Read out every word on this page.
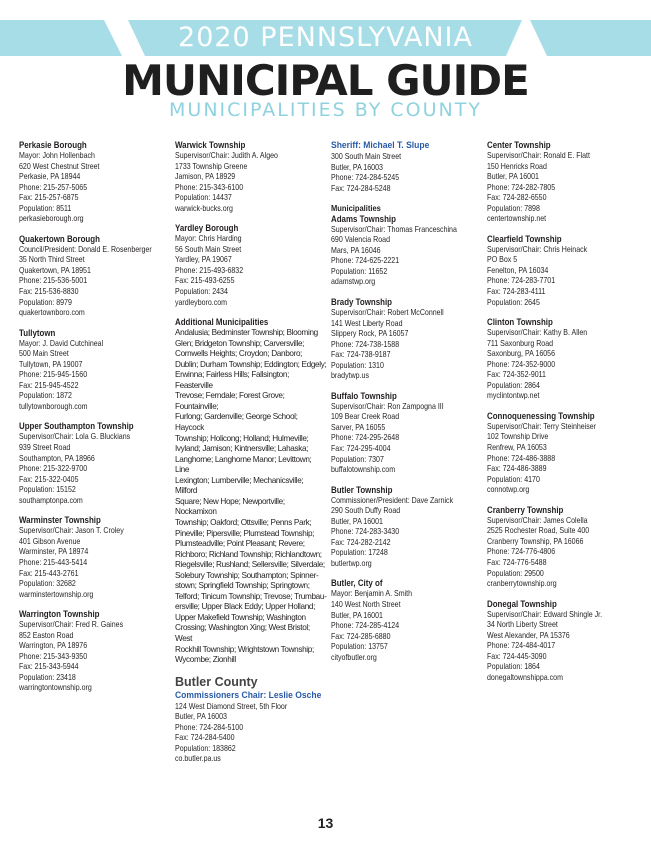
2020 PENNSLYVANIA
MUNICIPAL GUIDE
MUNICIPALITIES BY COUNTY
Perkasie Borough
Mayor: John Hollenbach
620 West Chestnut Street
Perkasie, PA 18944
Phone: 215-257-5065
Fax: 215-257-6875
Population: 8511
perkasieborough.org
Quakertown Borough
Council/President: Donald E. Rosenberger
35 North Third Street
Quakertown, PA 18951
Phone: 215-536-5001
Fax: 215-536-8830
Population: 8979
quakertownboro.com
Tullytown
Mayor: J. David Cutchineal
500 Main Street
Tullytown, PA 19007
Phone: 215-945-1560
Fax: 215-945-4522
Population: 1872
tullytownborough.com
Upper Southampton Township
Supervisor/Chair: Lola G. Bluckians
939 Street Road
Southampton, PA 18966
Phone: 215-322-9700
Fax: 215-322-0405
Population: 15152
southamptonpa.com
Warminster Township
Supervisor/Chair: Jason T. Croley
401 Gibson Avenue
Warminster, PA 18974
Phone: 215-443-5414
Fax: 215-443-2761
Population: 32682
warminstertownship.org
Warrington Township
Supervisor/Chair: Fred R. Gaines
852 Easton Road
Warrington, PA 18976
Phone: 215-343-9350
Fax: 215-343-5944
Population: 23418
warringtontownship.org
Warwick Township
Supervisor/Chair: Judith A. Algeo
1733 Township Greene
Jamison, PA 18929
Phone: 215-343-6100
Population: 14437
warwick-bucks.org
Yardley Borough
Mayor: Chris Harding
56 South Main Street
Yardley, PA 19067
Phone: 215-493-6832
Fax: 215-493-6255
Population: 2434
yardleyboro.com
Additional Municipalities
Andalusia; Bedminster Township; Blooming
Glen; Bridgeton Township; Carversville;
Cornwells Heights; Croydon; Danboro;
Dublin; Durham Township; Eddington; Edgely;
Erwinna; Fairless Hills; Fallsington; Feasterville
Trevose; Ferndale; Forest Grove; Fountainville;
Furlong; Gardenville; George School; Haycock
Township; Holicong; Holland; Hulmeville;
Ivyland; Jamison; Kintnersville; Lahaska;
Langhorne; Langhorne Manor; Levittown; Line
Lexington; Lumberville; Mechanicsville; Milford
Square; New Hope; Newportville; Nockamixon
Township; Oakford; Ottsville; Penns Park;
Pineville; Pipersville; Plumstead Township;
Plumsteadville; Point Pleasant; Revere;
Richboro; Richland Township; Richlandtown;
Riegelsville; Rushland; Sellersville; Silverdale;
Solebury Township; Southampton; Spinner-
stown; Springfield Township; Springtown;
Telford; Tinicum Township; Trevose; Trumbau-
ersville; Upper Black Eddy; Upper Holland;
Upper Makefield Township; Washington
Crossing; Washington Xing; West Bristol; West
Rockhill Township; Wrightstown Township;
Wycombe; Zionhill
Butler County
Commissioners Chair: Leslie Osche
124 West Diamond Street, 5th Floor
Butler, PA 16003
Phone: 724-284-5100
Fax: 724-284-5400
Population: 183862
co.butler.pa.us
Sheriff: Michael T. Slupe
300 South Main Street
Butler, PA 16003
Phone: 724-284-5245
Fax: 724-284-5248
Municipalities
Adams Township
Supervisor/Chair: Thomas Franceschina
690 Valencia Road
Mars, PA 16046
Phone: 724-625-2221
Population: 11652
adamstwp.org
Brady Township
Supervisor/Chair: Robert McConnell
141 West Liberty Road
Slippery Rock, PA 16057
Phone: 724-738-1588
Fax: 724-738-9187
Population: 1310
bradytwp.us
Buffalo Township
Supervisor/Chair: Ron Zampogna III
109 Bear Creek Road
Sarver, PA 16055
Phone: 724-295-2648
Fax: 724-295-4004
Population: 7307
buffalotownship.com
Butler Township
Commissioner/President: Dave Zarnick
290 South Duffy Road
Butler, PA 16001
Phone: 724-283-3430
Fax: 724-282-2142
Population: 17248
butlertwp.org
Butler, City of
Mayor: Benjamin A. Smith
140 West North Street
Butler, PA 16001
Phone: 724-285-4124
Fax: 724-285-6880
Population: 13757
cityofbutler.org
Center Township
Supervisor/Chair: Ronald E. Flatt
150 Henricks Road
Butler, PA 16001
Phone: 724-282-7805
Fax: 724-282-6550
Population: 7898
centertownship.net
Clearfield Township
Supervisor/Chair: Chris Heinack
PO Box 5
Fenelton, PA 16034
Phone: 724-283-7701
Fax: 724-283-4111
Population: 2645
Clinton Township
Supervisor/Chair: Kathy B. Allen
711 Saxonburg Road
Saxonburg, PA 16056
Phone: 724-352-9000
Fax: 724-352-9011
Population: 2864
myclintontwp.net
Connoquenessing Township
Supervisor/Chair: Terry Steinheiser
102 Township Drive
Renfrew, PA 16053
Phone: 724-486-3888
Fax: 724-486-3889
Population: 4170
connotwp.org
Cranberry Township
Supervisor/Chair: James Colella
2525 Rochester Road, Suite 400
Cranberry Township, PA 16066
Phone: 724-776-4806
Fax: 724-776-5488
Population: 29500
cranberrytownship.org
Donegal Township
Supervisor/Chair: Edward Shingle Jr.
34 North Liberty Street
West Alexander, PA 15376
Phone: 724-484-4017
Fax: 724-445-3090
Population: 1864
donegaltownshippa.com
13
